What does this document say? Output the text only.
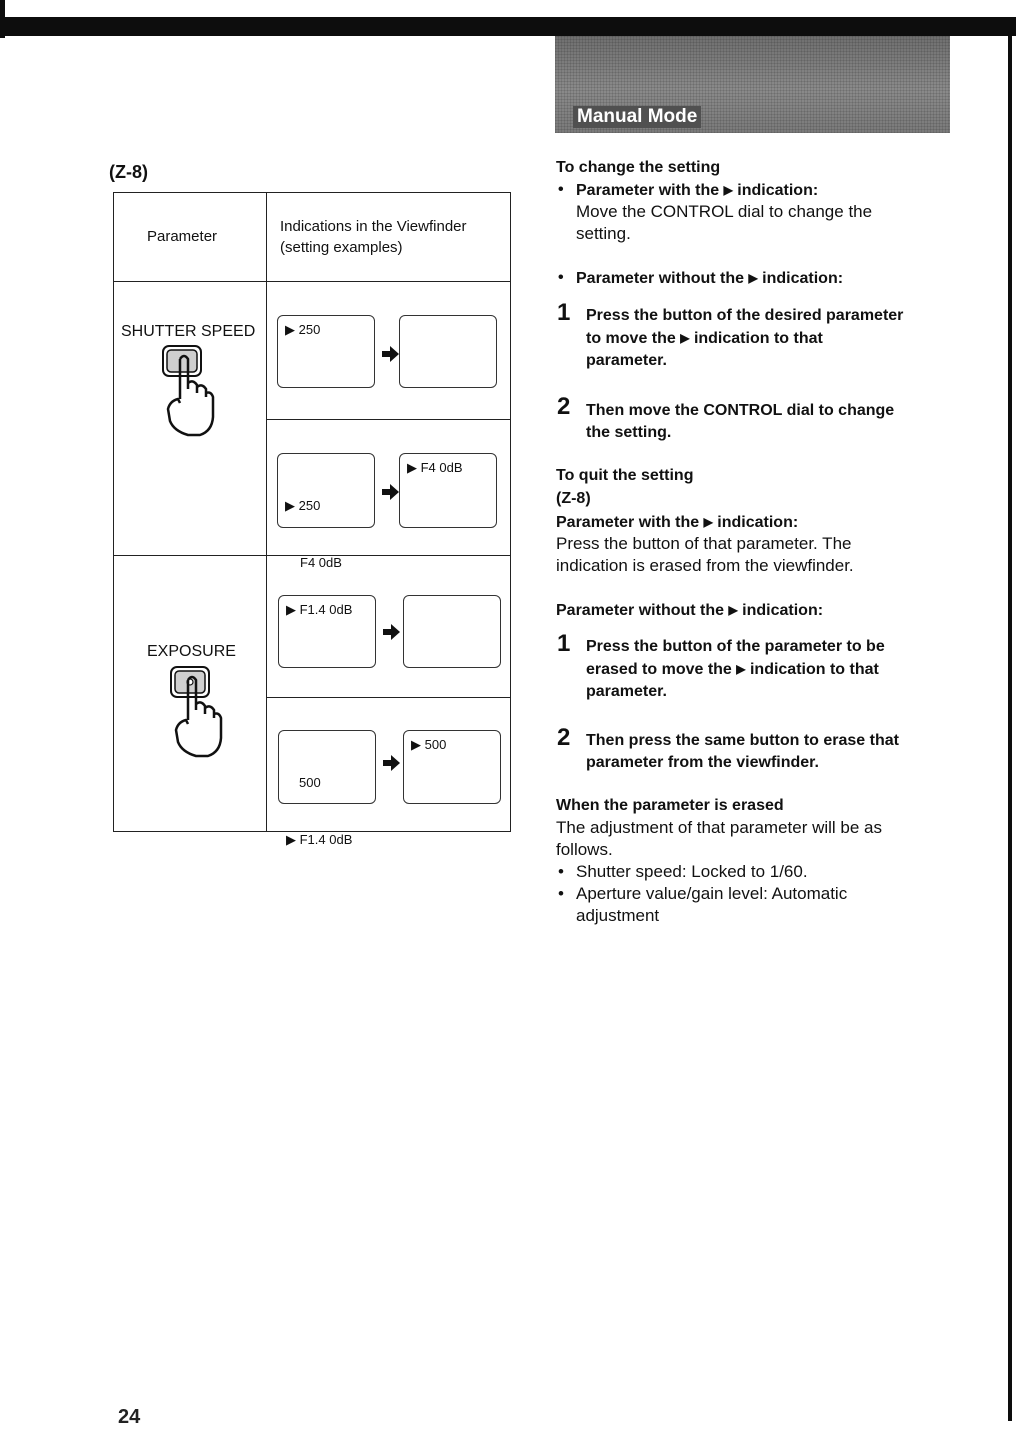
Manual Mode
(Z-8)
Parameter
Indications in the Viewfinder
(setting examples)
SHUTTER SPEED	▶ 250

▶ 250

F4 0dB

▶ F4 0dB
EXPOSURE
▶ F1.4 0dB

500

▶ F1.4 0dB

▶ 500
To change the setting
• Parameter with the ▶ indication:
Move the CONTROL dial to change the
setting.
• Parameter without the ▶ indication:
1 Press the button of the desired parameter
to move the ▶ indication to that
parameter.
2 Then move the CONTROL dial to change
the setting.
To quit the setting
(Z-8)
Parameter with the ▶ indication:
Press the button of that parameter. The
indication is erased from the viewfinder.
Parameter without the ▶ indication:
1 Press the button of the parameter to be
erased to move the ▶ indication to that
parameter.
2 Then press the same button to erase that
parameter from the viewfinder.
When the parameter is erased
The adjustment of that parameter will be as
follows.
• Shutter speed: Locked to 1/60.
• Aperture value/gain level: Automatic
adjustment
24
